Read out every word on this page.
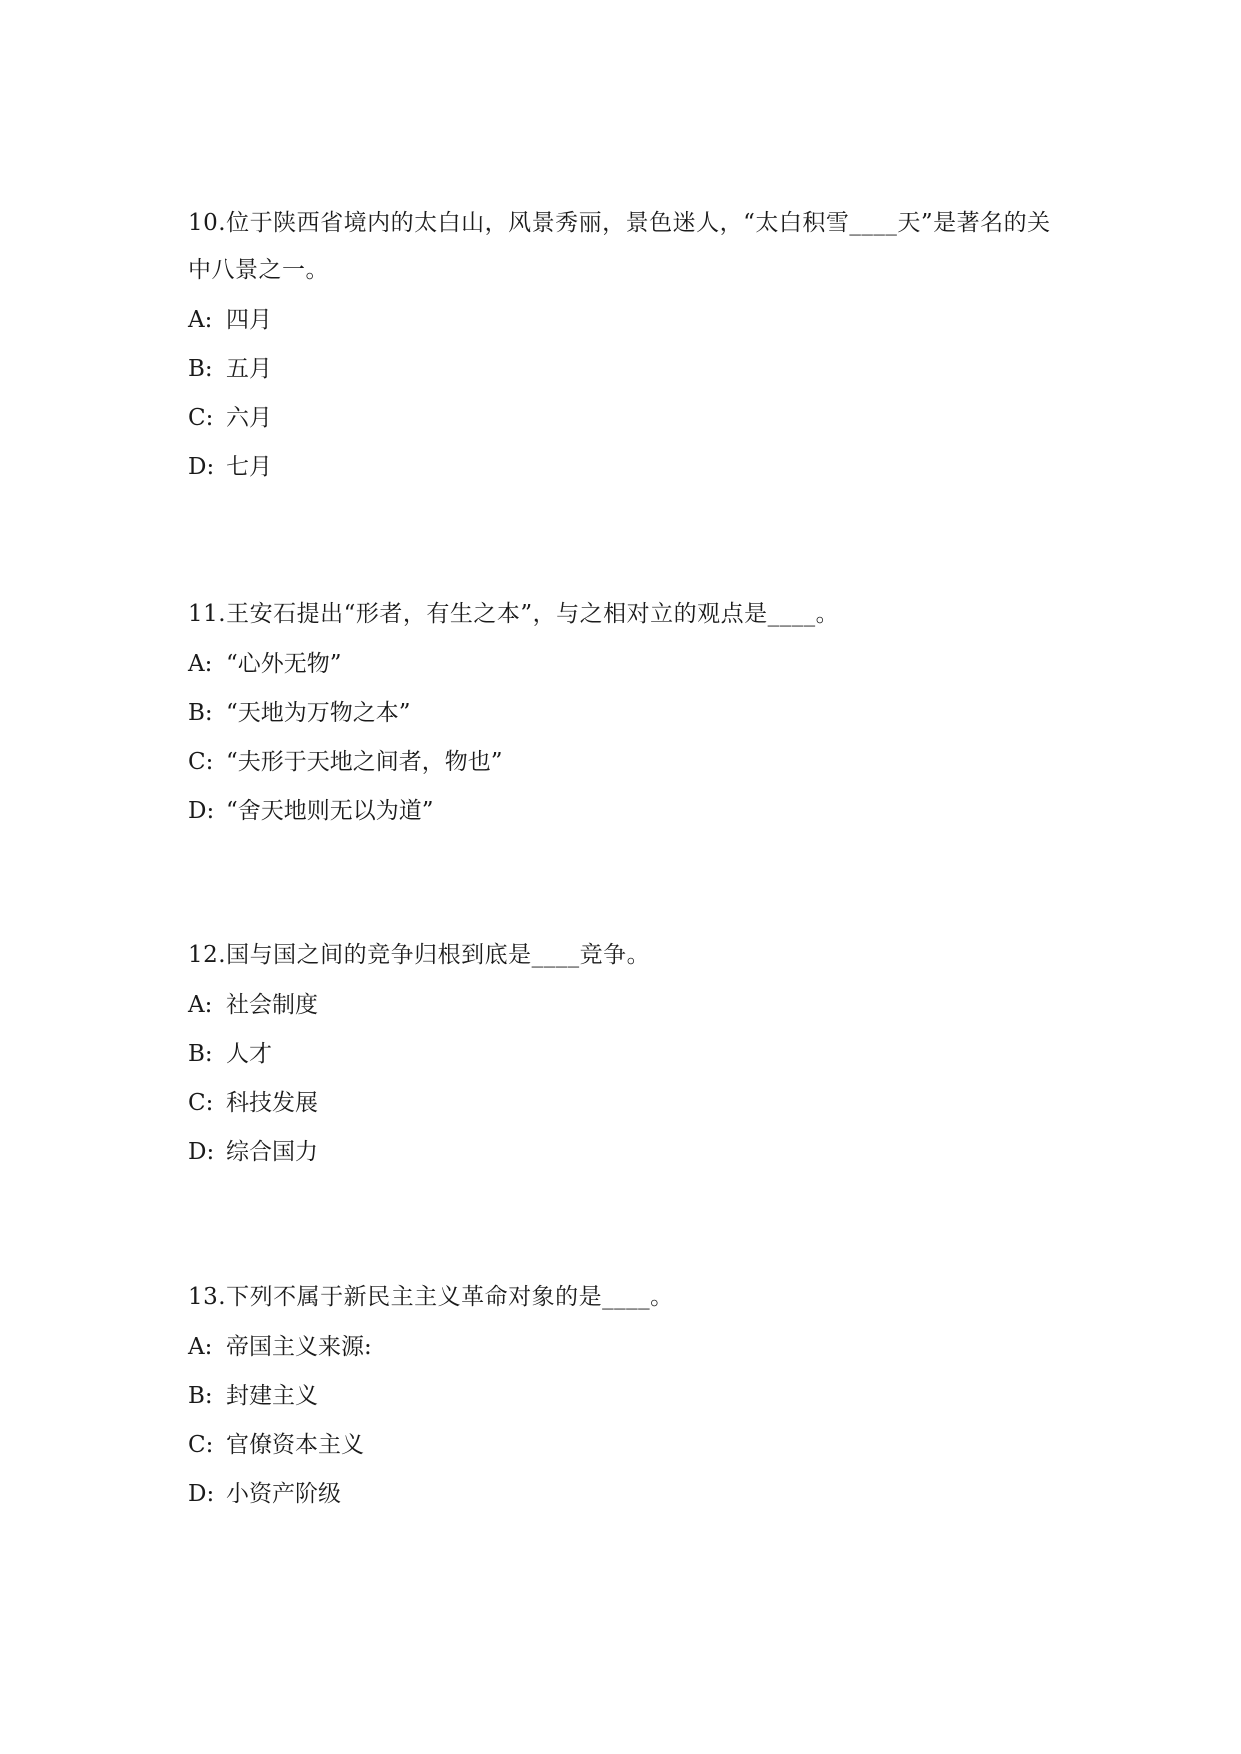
10.位于陕西省境内的太白山，风景秀丽，景色迷人，“太白积雪____天”是著名的关中八景之一。

A: 四月

B: 五月

C: 六月

D: 七月

11.王安石提出“形者，有生之本”，与之相对立的观点是____。

A: “心外无物”

B: “天地为万物之本”

C: “夫形于天地之间者，物也”

D: “舍天地则无以为道”

12.国与国之间的竞争归根到底是____竞争。

A: 社会制度

B: 人才

C: 科技发展

D: 综合国力

13.下列不属于新民主主义革命对象的是____。

A: 帝国主义来源:

B: 封建主义

C: 官僚资本主义

D: 小资产阶级
